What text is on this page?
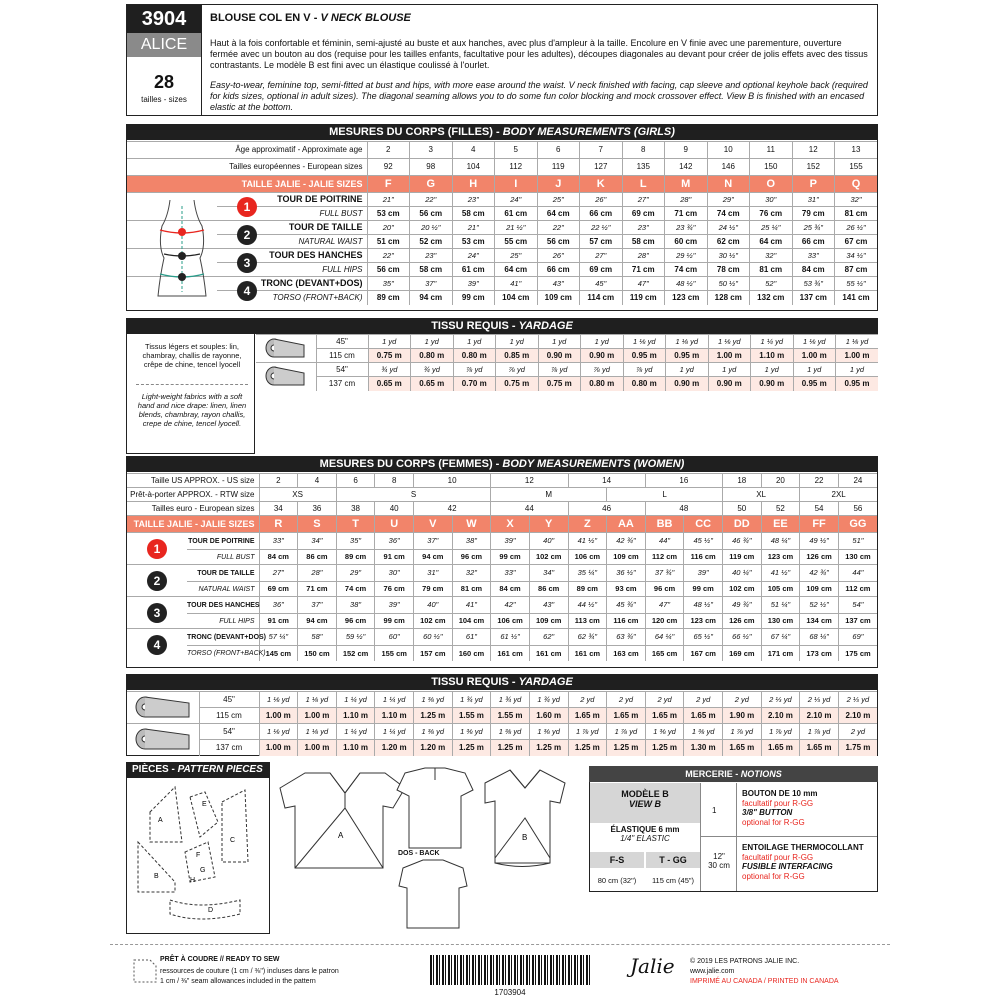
3904
ALICE
28
tailles - sizes
BLOUSE COL EN V - V NECK BLOUSE
Haut à la fois confortable et féminin, semi-ajusté au buste et aux hanches, avec plus d'ampleur à la taille. Encolure en V finie avec une parementure, ouverture fermée avec un bouton au dos (requise pour les tailles enfants, facultative pour les adultes), découpes diagonales au devant pour créer de jolis effets avec des tissus contrastants. Le modèle B est fini avec un élastique coulissé à l'ourlet.
Easy-to-wear, feminine top, semi-fitted at bust and hips, with more ease around the waist. V neck finished with facing, cap sleeve and optional keyhole back (required for kids sizes, optional in adult sizes). The diagonal seaming allows you to do some fun color blocking and mock crossover effect. View B is finished with an encased elastic at the bottom.
MESURES DU CORPS (FILLES) - BODY MEASUREMENTS (GIRLS)
Âge approximatif - Approximate age		2	3	4	5	6	7	8	9	10	11	12	13
Tailles européennes - European sizes		92	98	104	112	119	127	135	142	146	150	152	155
TAILLE JALIE - JALIE SIZES		F	G	H	I	J	K	L	M	N	O	P	Q
1	TOUR DE POITRINE	21"	22"	23"	24"	25"	26"	27"	28"	29"	30"	31"	32"
	FULL BUST	53 cm	56 cm	58 cm	61 cm	64 cm	66 cm	69 cm	71 cm	74 cm	76 cm	79 cm	81 cm
2	TOUR DE TAILLE	20"	20 ½"	21"	21 ½"	22"	22 ½"	23"	23 ¾"	24 ½"	25 ¼"	25 ¾"	26 ½"
	NATURAL WAIST	51 cm	52 cm	53 cm	55 cm	56 cm	57 cm	58 cm	60 cm	62 cm	64 cm	66 cm	67 cm
3	TOUR DES HANCHES	22"	23"	24"	25"	26"	27"	28"	29 ½"	30 ½"	32"	33"	34 ½"
	FULL HIPS	56 cm	58 cm	61 cm	64 cm	66 cm	69 cm	71 cm	74 cm	78 cm	81 cm	84 cm	87 cm
4	TRONC (DEVANT+DOS)	35"	37"	39"	41"	43"	45"	47"	48 ½"	50 ½"	52"	53 ¾"	55 ½"
	TORSO (FRONT+BACK)	89 cm	94 cm	99 cm	104 cm	109 cm	114 cm	119 cm	123 cm	128 cm	132 cm	137 cm	141 cm
TISSU REQUIS - YARDAGE
Tissus légers et souples: lin, chambray, challis de rayonne, crêpe de chine, tencel lyocell
Light-weight fabrics with a soft hand and nice drape: linen, linen blends, chambray, rayon challis, crepe de chine, tencel lyocell.
	45"	1 yd	1 yd	1 yd	1 yd	1 yd	1 yd	1 ⅛ yd	1 ⅛ yd	1 ⅛ yd	1 ¼ yd	1 ⅛ yd	1 ⅛ yd
	115 cm	0.75 m	0.80 m	0.80 m	0.85 m	0.90 m	0.90 m	0.95 m	0.95 m	1.00 m	1.10 m	1.00 m	1.00 m
	54"	¾ yd	¾ yd	⅞ yd	⅞ yd	⅞ yd	⅞ yd	⅞ yd	1 yd	1 yd	1 yd	1 yd	1 yd
	137 cm	0.65 m	0.65 m	0.70 m	0.75 m	0.75 m	0.80 m	0.80 m	0.90 m	0.90 m	0.90 m	0.95 m	0.95 m
MESURES DU CORPS (FEMMES) - BODY MEASUREMENTS (WOMEN)
Taille US APPROX. - US size		2	4	6	8	10		12		14		16		18	20	22	24
Prêt-à-porter APPROX. - RTW size		XS		S				M			L			XL		2XL	
Tailles euro - European sizes		34	36	38	40	42		44		46		48		50	52	54	56
TAILLE JALIE - JALIE SIZES		R	S	T	U	V	W	X	Y	Z	AA	BB	CC	DD	EE	FF	GG
1	TOUR DE POITRINE	33"	34"	35"	36"	37"	38"	39"	40"	41 ½"	42 ¾"	44"	45 ½"	46 ¾"	48 ¼"	49 ½"	51"
	FULL BUST	84 cm	86 cm	89 cm	91 cm	94 cm	96 cm	99 cm	102 cm	106 cm	109 cm	112 cm	116 cm	119 cm	123 cm	126 cm	130 cm
2	TOUR DE TAILLE	27"	28"	29"	30"	31"	32"	33"	34"	35 ¼"	36 ½"	37 ¾"	39"	40 ¼"	41 ½"	42 ¾"	44"
	NATURAL WAIST	69 cm	71 cm	74 cm	76 cm	79 cm	81 cm	84 cm	86 cm	89 cm	93 cm	96 cm	99 cm	102 cm	105 cm	109 cm	112 cm
3	TOUR DES HANCHES	36"	37"	38"	39"	40"	41"	42"	43"	44 ½"	45 ¾"	47"	48 ½"	49 ¾"	51 ¼"	52 ½"	54"
	FULL HIPS	91 cm	94 cm	96 cm	99 cm	102 cm	104 cm	106 cm	109 cm	113 cm	116 cm	120 cm	123 cm	126 cm	130 cm	134 cm	137 cm
4	TRONC (DEVANT+DOS)	57 ¼"	58"	59 ½"	60"	60 ½"	61"	61 ½"	62"	62 ¾"	63 ¾"	64 ¼"	65 ½"	66 ½"	67 ¼"	68 ¼"	69"
	TORSO (FRONT+BACK)	145 cm	150 cm	152 cm	155 cm	157 cm	160 cm	161 cm	161 cm	161 cm	163 cm	165 cm	167 cm	169 cm	171 cm	173 cm	175 cm
TISSU REQUIS - YARDAGE
	45"	1 ⅛ yd	1 ⅛ yd	1 ¼ yd	1 ¼ yd	1 ⅜ yd	1 ¾ yd	1 ¾ yd	1 ¾ yd	2 yd	2 yd	2 yd	2 yd	2 yd	2 ⅓ yd	2 ⅓ yd	2 ⅓ yd
	115 cm	1.00 m	1.00 m	1.10 m	1.10 m	1.25 m	1.55 m	1.55 m	1.60 m	1.65 m	1.65 m	1.65 m	1.65 m	1.90 m	2.10 m	2.10 m	2.10 m
	54"	1 ⅛ yd	1 ⅛ yd	1 ¼ yd	1 ¼ yd	1 ⅜ yd	1 ⅜ yd	1 ⅜ yd	1 ⅜ yd	1 ⅞ yd	1 ⅞ yd	1 ⅜ yd	1 ⅜ yd	1 ⅞ yd	1 ⅞ yd	1 ⅞ yd	2 yd
	137 cm	1.00 m	1.00 m	1.10 m	1.20 m	1.20 m	1.25 m	1.25 m	1.25 m	1.25 m	1.25 m	1.25 m	1.30 m	1.65 m	1.65 m	1.65 m	1.75 m
PIÈCES - PATTERN PIECES
A
B
C
D
E
F
G
H
A	B
DOS - BACK
MERCERIE - NOTIONS
MODÈLE B
VIEW B
ÉLASTIQUE 6 mm
1/4" ELASTIC
F-S	T - GG
80 cm (32")	115 cm (45")
1
BOUTON DE 10 mm
facultatif pour R-GG
3/8" BUTTON
optional for R-GG
12"
30 cm
ENTOILAGE THERMOCOLLANT
facultatif pour R-GG
FUSIBLE INTERFACING
optional for R-GG
PRÊT À COUDRE // READY TO SEW
ressources de couture (1 cm / ⅜") incluses dans le patron
1 cm / ⅜" seam allowances included in the pattern
1703904
Jalie © 2019 LES PATRONS JALIE INC.
www.jalie.com
IMPRIMÉ AU CANADA / PRINTED IN CANADA
